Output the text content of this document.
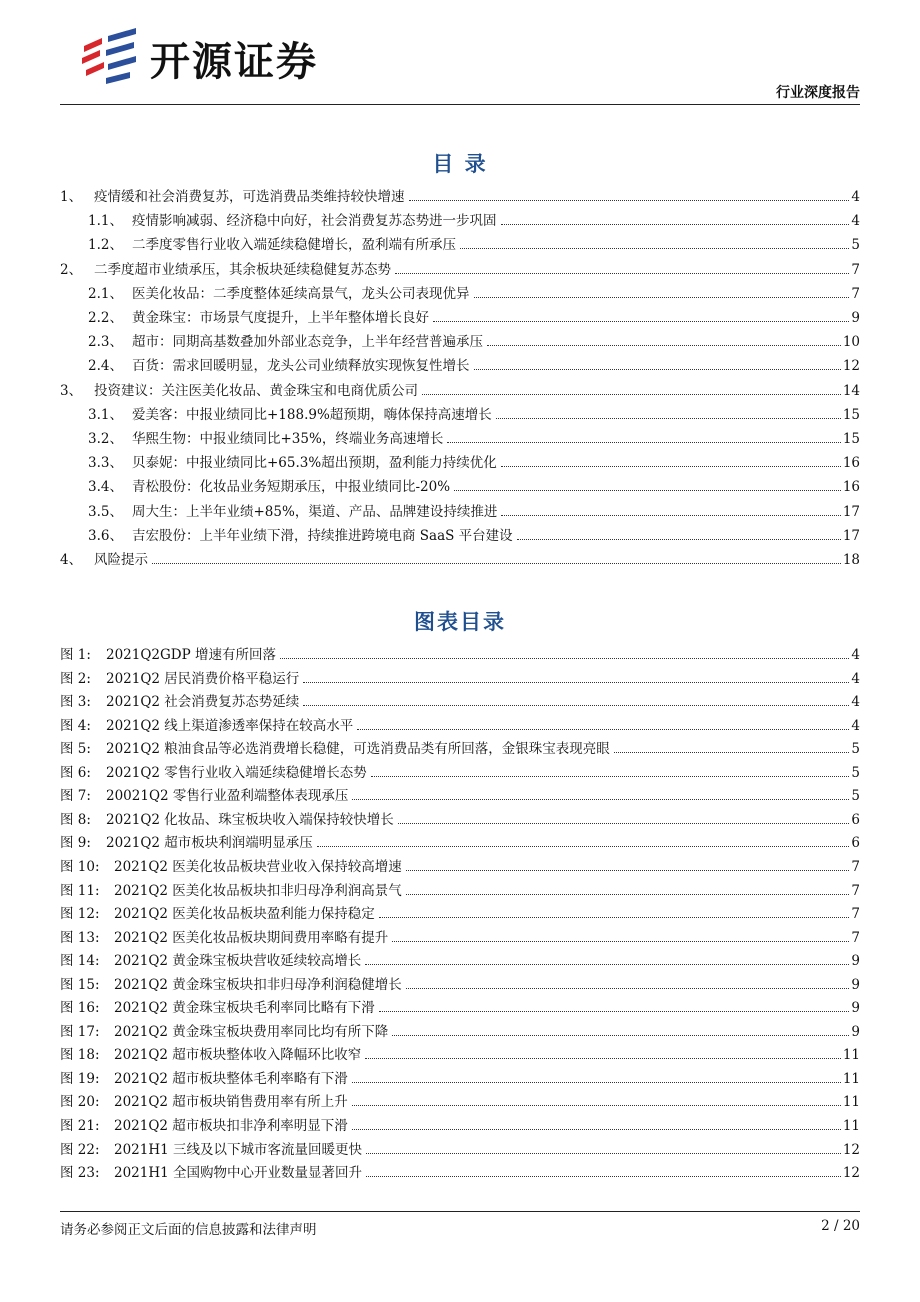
开源证券
行业深度报告
目 录
1、 疫情缓和社会消费复苏，可选消费品类维持较快增速	4
1.1、 疫情影响减弱、经济稳中向好，社会消费复苏态势进一步巩固	4
1.2、 二季度零售行业收入端延续稳健增长，盈利端有所承压	5
2、 二季度超市业绩承压，其余板块延续稳健复苏态势	7
2.1、 医美化妆品：二季度整体延续高景气，龙头公司表现优异	7
2.2、 黄金珠宝：市场景气度提升，上半年整体增长良好	9
2.3、 超市：同期高基数叠加外部业态竞争，上半年经营普遍承压	10
2.4、 百货：需求回暖明显，龙头公司业绩释放实现恢复性增长	12
3、 投资建议：关注医美化妆品、黄金珠宝和电商优质公司	14
3.1、 爱美客：中报业绩同比+188.9%超预期，嗨体保持高速增长	15
3.2、 华熙生物：中报业绩同比+35%，终端业务高速增长	15
3.3、 贝泰妮：中报业绩同比+65.3%超出预期，盈利能力持续优化	16
3.4、 青松股份：化妆品业务短期承压，中报业绩同比-20%	16
3.5、 周大生：上半年业绩+85%，渠道、产品、品牌建设持续推进	17
3.6、 吉宏股份：上半年业绩下滑，持续推进跨境电商 SaaS 平台建设	17
4、 风险提示	18
图表目录
图 1:	2021Q2GDP 增速有所回落	4
图 2:	2021Q2 居民消费价格平稳运行	4
图 3:	2021Q2 社会消费复苏态势延续	4
图 4:	2021Q2 线上渠道渗透率保持在较高水平	4
图 5:	2021Q2 粮油食品等必选消费增长稳健，可选消费品类有所回落，金银珠宝表现亮眼	5
图 6:	2021Q2 零售行业收入端延续稳健增长态势	5
图 7:	20021Q2 零售行业盈利端整体表现承压	5
图 8:	2021Q2 化妆品、珠宝板块收入端保持较快增长	6
图 9:	2021Q2 超市板块利润端明显承压	6
图 10:	2021Q2 医美化妆品板块营业收入保持较高增速	7
图 11:	2021Q2 医美化妆品板块扣非归母净利润高景气	7
图 12:	2021Q2 医美化妆品板块盈利能力保持稳定	7
图 13:	2021Q2 医美化妆品板块期间费用率略有提升	7
图 14:	2021Q2 黄金珠宝板块营收延续较高增长	9
图 15:	2021Q2 黄金珠宝板块扣非归母净利润稳健增长	9
图 16:	2021Q2 黄金珠宝板块毛利率同比略有下滑	9
图 17:	2021Q2 黄金珠宝板块费用率同比均有所下降	9
图 18:	2021Q2 超市板块整体收入降幅环比收窄	11
图 19:	2021Q2 超市板块整体毛利率略有下滑	11
图 20:	2021Q2 超市板块销售费用率有所上升	11
图 21:	2021Q2 超市板块扣非净利率明显下滑	11
图 22:	2021H1 三线及以下城市客流量回暖更快	12
图 23:	2021H1 全国购物中心开业数量显著回升	12
请务必参阅正文后面的信息披露和法律声明	2 / 20
